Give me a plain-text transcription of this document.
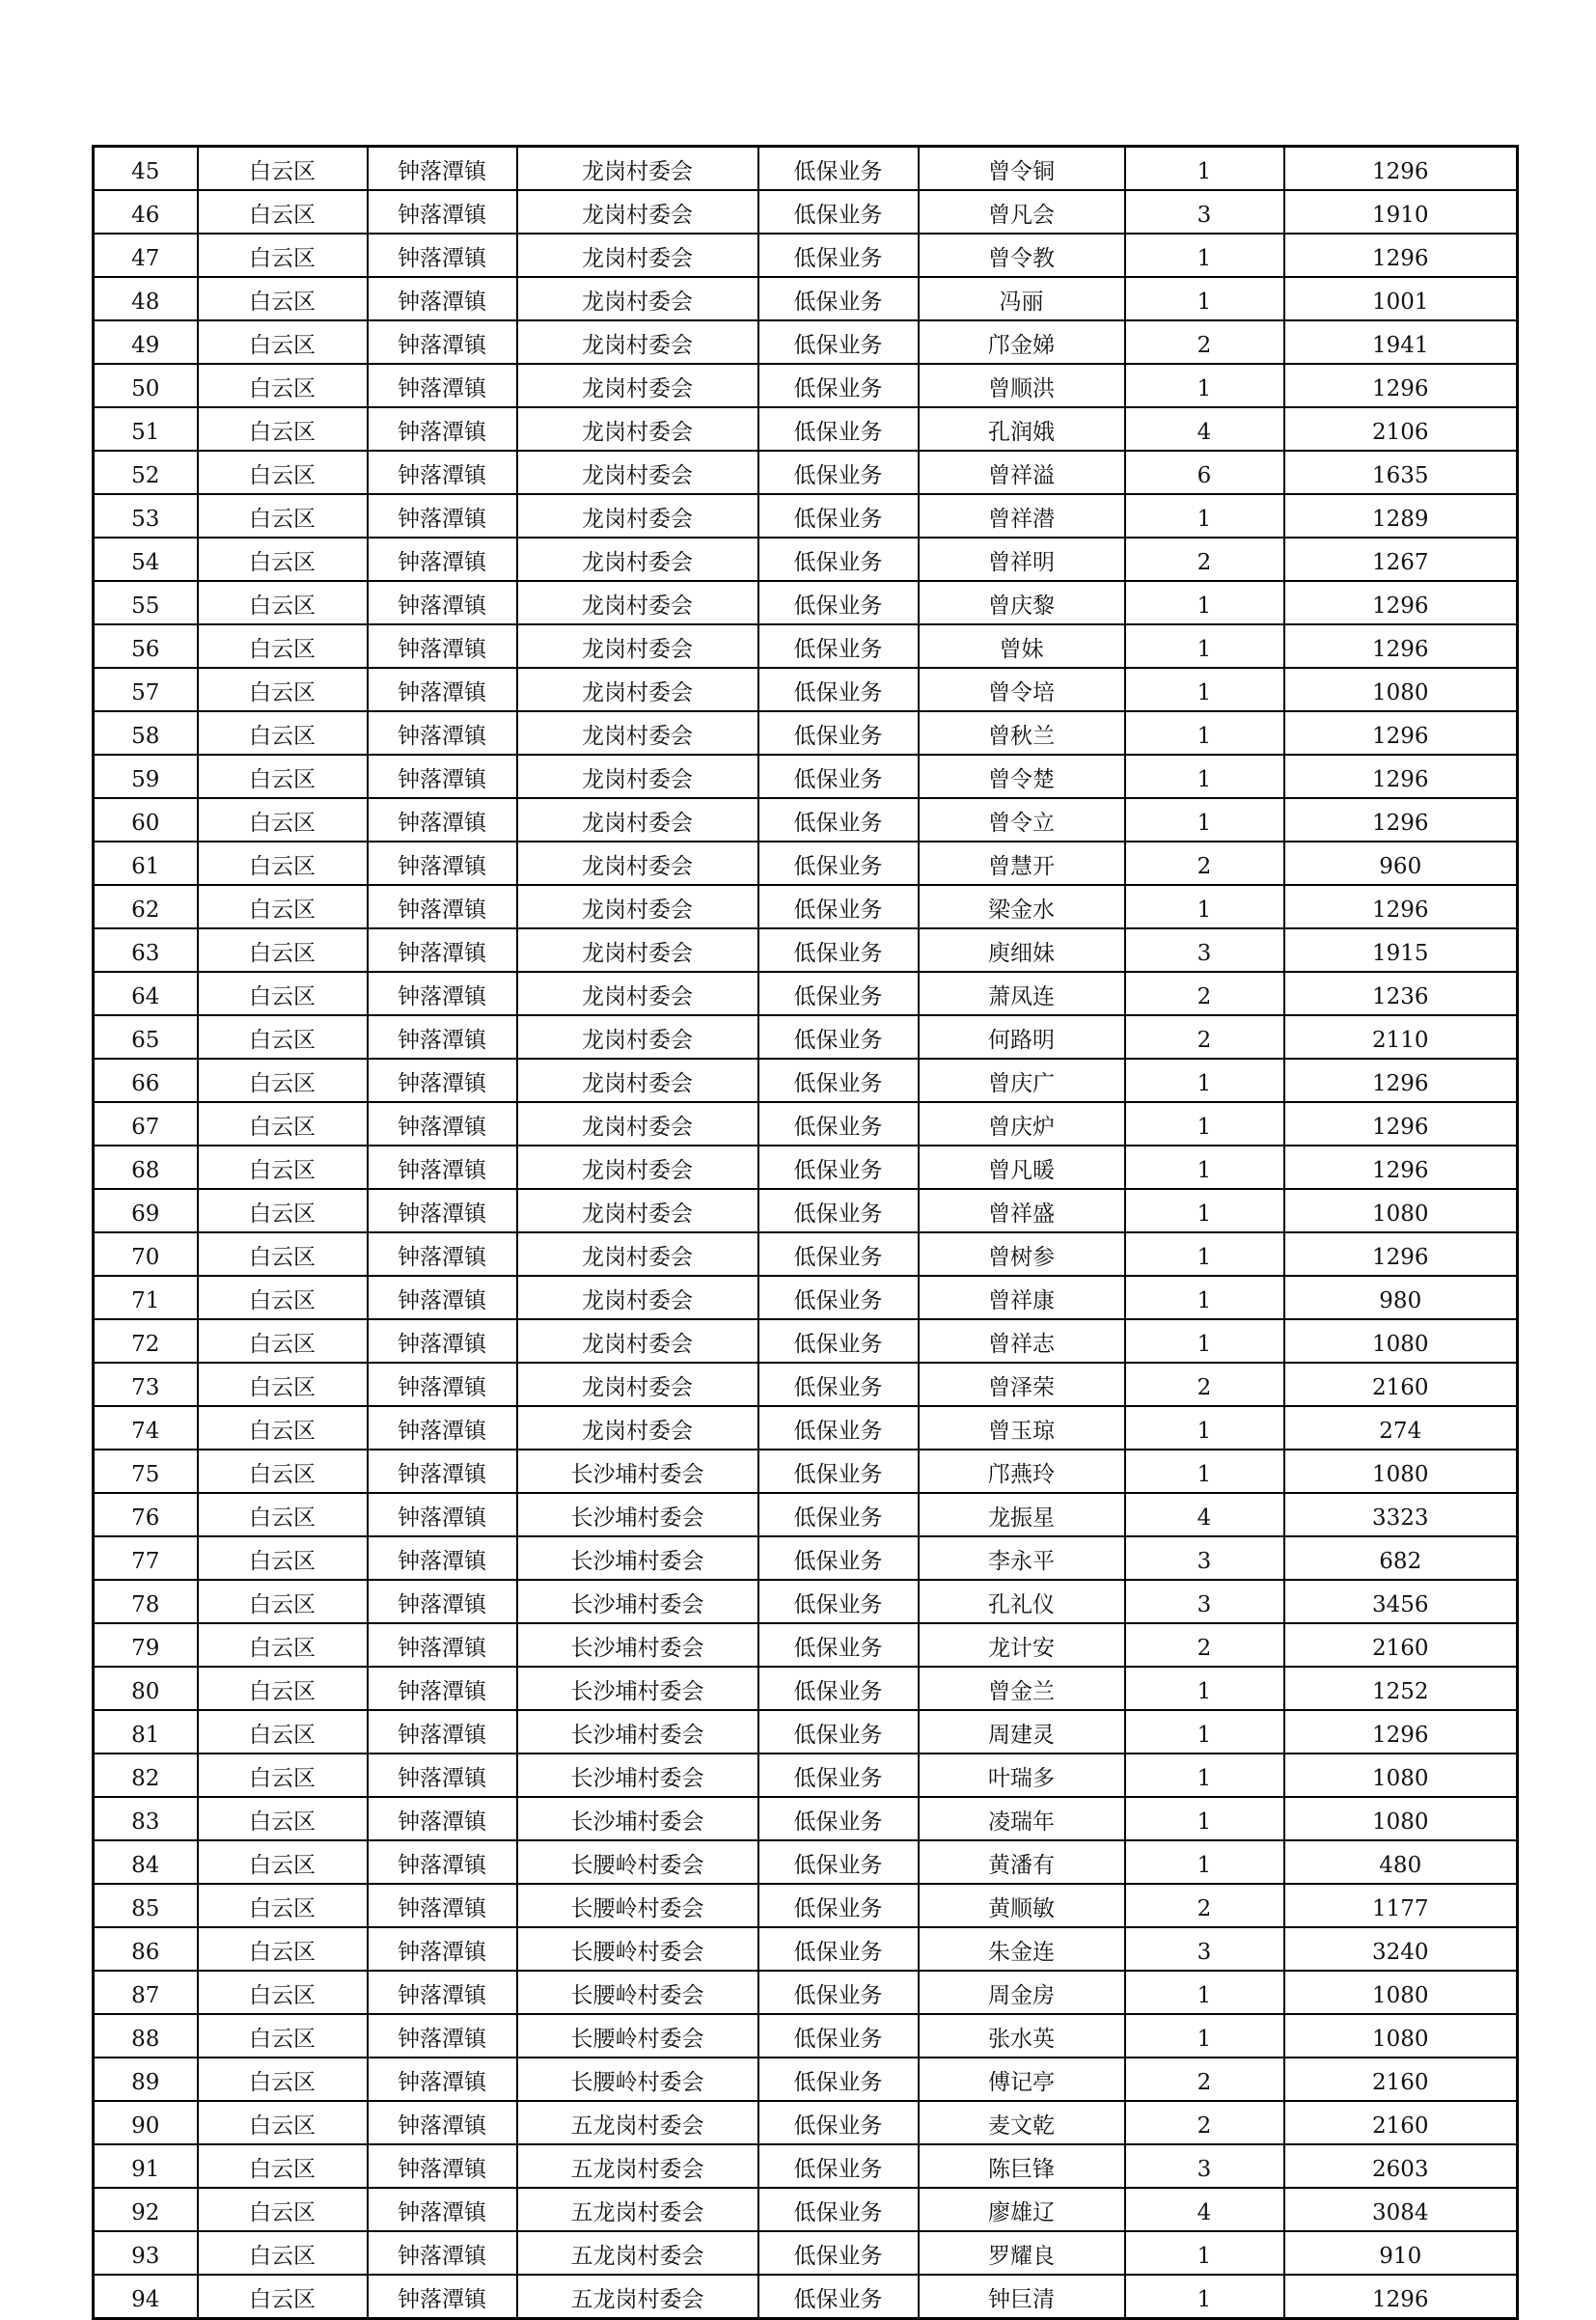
45	白云区	钟落潭镇	龙岗村委会	低保业务	曾令铜	1	1296
46	白云区	钟落潭镇	龙岗村委会	低保业务	曾凡会	3	1910
47	白云区	钟落潭镇	龙岗村委会	低保业务	曾令教	1	1296
48	白云区	钟落潭镇	龙岗村委会	低保业务	冯丽	1	1001
49	白云区	钟落潭镇	龙岗村委会	低保业务	邝金娣	2	1941
50	白云区	钟落潭镇	龙岗村委会	低保业务	曾顺洪	1	1296
51	白云区	钟落潭镇	龙岗村委会	低保业务	孔润娥	4	2106
52	白云区	钟落潭镇	龙岗村委会	低保业务	曾祥溢	6	1635
53	白云区	钟落潭镇	龙岗村委会	低保业务	曾祥潜	1	1289
54	白云区	钟落潭镇	龙岗村委会	低保业务	曾祥明	2	1267
55	白云区	钟落潭镇	龙岗村委会	低保业务	曾庆黎	1	1296
56	白云区	钟落潭镇	龙岗村委会	低保业务	曾妹	1	1296
57	白云区	钟落潭镇	龙岗村委会	低保业务	曾令培	1	1080
58	白云区	钟落潭镇	龙岗村委会	低保业务	曾秋兰	1	1296
59	白云区	钟落潭镇	龙岗村委会	低保业务	曾令楚	1	1296
60	白云区	钟落潭镇	龙岗村委会	低保业务	曾令立	1	1296
61	白云区	钟落潭镇	龙岗村委会	低保业务	曾慧开	2	960
62	白云区	钟落潭镇	龙岗村委会	低保业务	梁金水	1	1296
63	白云区	钟落潭镇	龙岗村委会	低保业务	庾细妹	3	1915
64	白云区	钟落潭镇	龙岗村委会	低保业务	萧凤连	2	1236
65	白云区	钟落潭镇	龙岗村委会	低保业务	何路明	2	2110
66	白云区	钟落潭镇	龙岗村委会	低保业务	曾庆广	1	1296
67	白云区	钟落潭镇	龙岗村委会	低保业务	曾庆炉	1	1296
68	白云区	钟落潭镇	龙岗村委会	低保业务	曾凡暖	1	1296
69	白云区	钟落潭镇	龙岗村委会	低保业务	曾祥盛	1	1080
70	白云区	钟落潭镇	龙岗村委会	低保业务	曾树参	1	1296
71	白云区	钟落潭镇	龙岗村委会	低保业务	曾祥康	1	980
72	白云区	钟落潭镇	龙岗村委会	低保业务	曾祥志	1	1080
73	白云区	钟落潭镇	龙岗村委会	低保业务	曾泽荣	2	2160
74	白云区	钟落潭镇	龙岗村委会	低保业务	曾玉琼	1	274
75	白云区	钟落潭镇	长沙埔村委会	低保业务	邝燕玲	1	1080
76	白云区	钟落潭镇	长沙埔村委会	低保业务	龙振星	4	3323
77	白云区	钟落潭镇	长沙埔村委会	低保业务	李永平	3	682
78	白云区	钟落潭镇	长沙埔村委会	低保业务	孔礼仪	3	3456
79	白云区	钟落潭镇	长沙埔村委会	低保业务	龙计安	2	2160
80	白云区	钟落潭镇	长沙埔村委会	低保业务	曾金兰	1	1252
81	白云区	钟落潭镇	长沙埔村委会	低保业务	周建灵	1	1296
82	白云区	钟落潭镇	长沙埔村委会	低保业务	叶瑞多	1	1080
83	白云区	钟落潭镇	长沙埔村委会	低保业务	凌瑞年	1	1080
84	白云区	钟落潭镇	长腰岭村委会	低保业务	黄潘有	1	480
85	白云区	钟落潭镇	长腰岭村委会	低保业务	黄顺敏	2	1177
86	白云区	钟落潭镇	长腰岭村委会	低保业务	朱金连	3	3240
87	白云区	钟落潭镇	长腰岭村委会	低保业务	周金房	1	1080
88	白云区	钟落潭镇	长腰岭村委会	低保业务	张水英	1	1080
89	白云区	钟落潭镇	长腰岭村委会	低保业务	傅记亭	2	2160
90	白云区	钟落潭镇	五龙岗村委会	低保业务	麦文乾	2	2160
91	白云区	钟落潭镇	五龙岗村委会	低保业务	陈巨锋	3	2603
92	白云区	钟落潭镇	五龙岗村委会	低保业务	廖雄辽	4	3084
93	白云区	钟落潭镇	五龙岗村委会	低保业务	罗耀良	1	910
94	白云区	钟落潭镇	五龙岗村委会	低保业务	钟巨清	1	1296
